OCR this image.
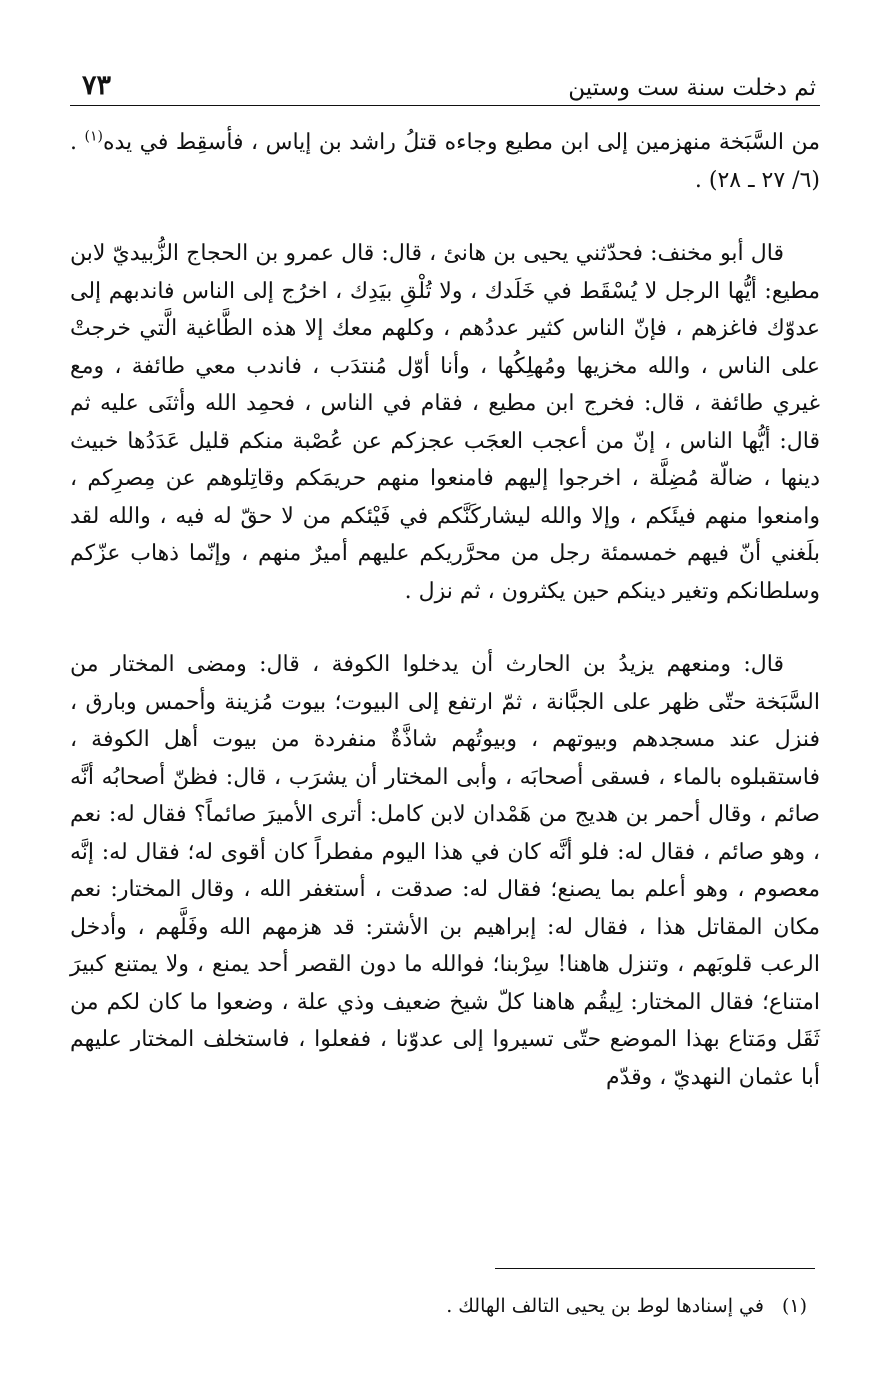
ثم دخلت سنة ست وستين
٧٣

من السَّبَخة منهزمين إلى ابن مطيع وجاءه قتلُ راشد بن إياس ، فأسقِط في يده$^{(١)}$ . (٦/ ٢٧ ـ ٢٨) .

قال أبو مخنف: فحدّثني يحيى بن هانئ ، قال: قال عمرو بن الحجاج الزُّبيديّ لابن مطيع: أيُّها الرجل لا يُسْقَط في خَلَدك ، ولا تُلْقِ بيَدِك ، اخرُج إلى الناس فاندبهم إلى عدوّك فاغزهم ، فإنّ الناس كثير عددُهم ، وكلهم معك إلا هذه الطَّاغية الَّتي خرجتْ على الناس ، والله مخزيها ومُهلِكُها ، وأنا أوّل مُنتدَب ، فاندب معي طائفة ، ومع غيري طائفة ، قال: فخرج ابن مطيع ، فقام في الناس ، فحمِد الله وأثنَى عليه ثم قال: أيُّها الناس ، إنّ من أعجب العجَب عجزكم عن عُصْبة منكم قليل عَدَدُها خبيث دينها ، ضالّة مُضِلَّة ، اخرجوا إليهم فامنعوا منهم حريمَكم وقاتِلوهم عن مِصرِكم ، وامنعوا منهم فيئَكم ، وإلا والله ليشاركَنَّكم في فَيْئكم من لا حقّ له فيه ، والله لقد بلَغني أنّ فيهم خمسمئة رجل من محرَّريكم عليهم أميرٌ منهم ، وإنّما ذهاب عزّكم وسلطانكم وتغير دينكم حين يكثرون ، ثم نزل .

قال: ومنعهم يزيدُ بن الحارث أن يدخلوا الكوفة ، قال: ومضى المختار من السَّبَخة حتّى ظهر على الجبَّانة ، ثمّ ارتفع إلى البيوت؛ بيوت مُزينة وأحمس وبارق ، فنزل عند مسجدهم وبيوتهم ، وبيوتُهم شاذَّةٌ منفردة من بيوت أهل الكوفة ، فاستقبلوه بالماء ، فسقى أصحابَه ، وأبى المختار أن يشرَب ، قال: فظنّ أصحابُه أنَّه صائم ، وقال أحمر بن هديج من هَمْدان لابن كامل: أترى الأميرَ صائماً؟ فقال له: نعم ، وهو صائم ، فقال له: فلو أنَّه كان في هذا اليوم مفطراً كان أقوى له؛ فقال له: إنَّه معصوم ، وهو أعلم بما يصنع؛ فقال له: صدقت ، أستغفر الله ، وقال المختار: نعم مكان المقاتل هذا ، فقال له: إبراهيم بن الأشتر: قد هزمهم الله وفَلَّهم ، وأدخل الرعب قلوبَهم ، وتنزل هاهنا! سِرْبنا؛ فوالله ما دون القصر أحد يمنع ، ولا يمتنع كبيرَ امتناع؛ فقال المختار: لِيقُم هاهنا كلّ شيخ ضعيف وذي علة ، وضعوا ما كان لكم من ثَقَل ومَتاع بهذا الموضع حتّى تسيروا إلى عدوّنا ، ففعلوا ، فاستخلف المختار عليهم أبا عثمان النهديّ ، وقدّم

(١)في إسنادها لوط بن يحيى التالف الهالك .
